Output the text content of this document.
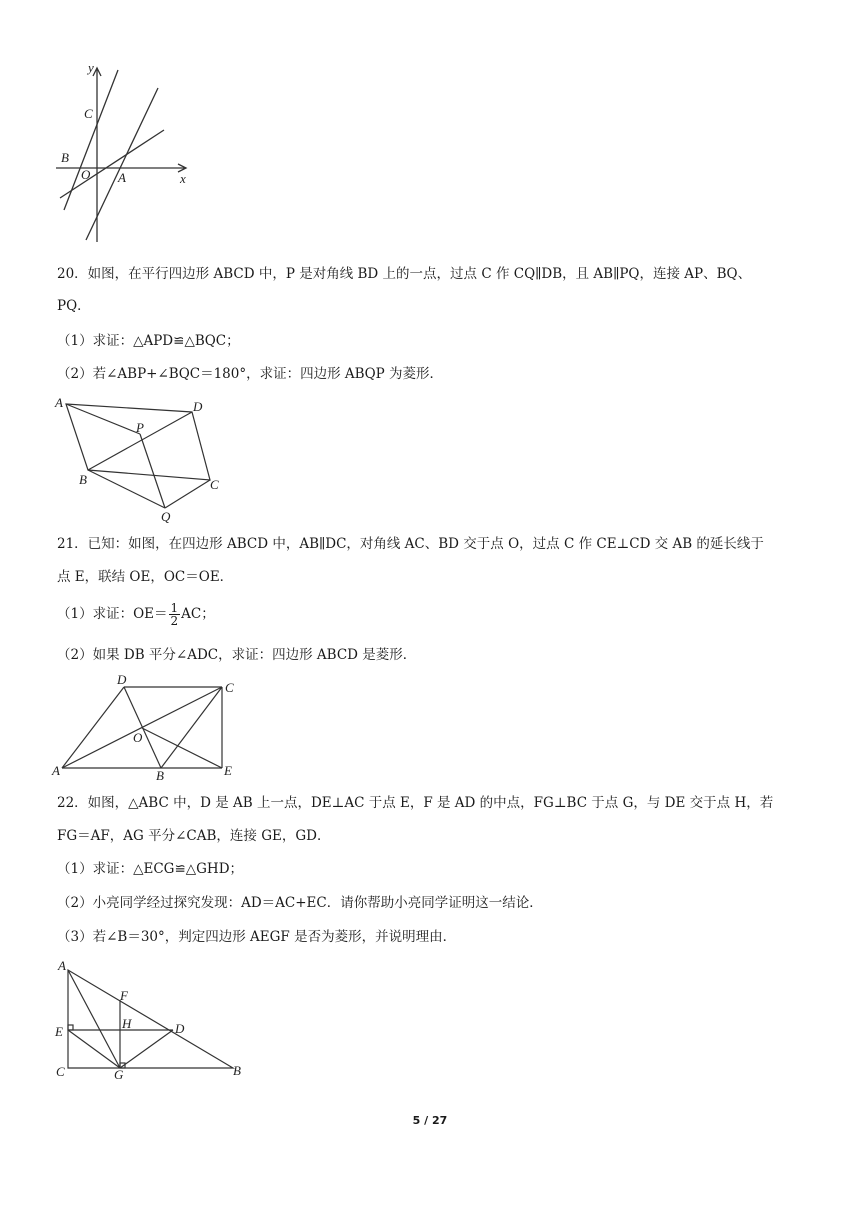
y
x
C
B
O A
20．如图，在平行四边形 ABCD 中，P 是对角线 BD 上的一点，过点 C 作 CQ∥DB，且 AB∥PQ，连接 AP、BQ、
PQ．
（1）求证：△APD≌△BQC；
（2）若∠ABP+∠BQC＝180°，求证：四边形 ABQP 为菱形．
A	D
P
B	C
Q
21．已知：如图，在四边形 ABCD 中，AB∥DC，对角线 AC、BD 交于点 O，过点 C 作 CE⊥CD 交 AB 的延长线于
点 E，联结 OE，OC＝OE．
（1）求证：$OE= \frac{1}{2}$ AC；
（2）如果 DB 平分∠ADC，求证：四边形 ABCD 是菱形．
D
C
O
A	B	E
22．如图，△ABC 中，D 是 AB 上一点，DE⊥AC 于点 E，F 是 AD 的中点，FG⊥BC 于点 G，与 DE 交于点 H，若
FG＝AF，AG 平分∠CAB，连接 GE，GD．
（1）求证：△ECG≌△GHD；
（2）小亮同学经过探究发现：AD＝AC+EC．请你帮助小亮同学证明这一结论．
（3）若∠B＝30°，判定四边形 AEGF 是否为菱形，并说明理由．
A
F
E
H	D
C	G	B
5 / 27
